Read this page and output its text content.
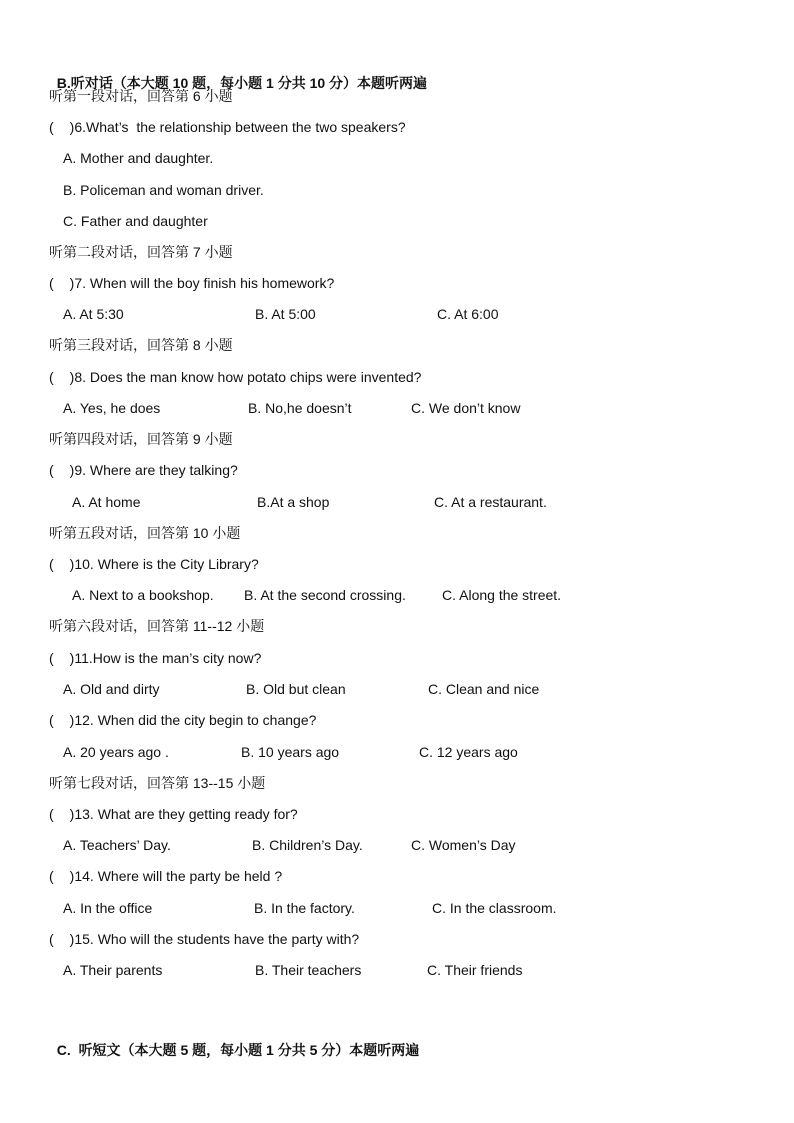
B.听对话（本大题 10 题，每小题 1 分共 10 分）本题听两遍

听第一段对话，回答第 6 小题
( )6.What’s  the relationship between the two speakers?
A. Mother and daughter.
B. Policeman and woman driver.
C. Father and daughter
听第二段对话，回答第 7 小题
( )7. When will the boy finish his homework?
A. At 5:30	B. At 5:00	C. At 6:00
听第三段对话，回答第 8 小题
( )8. Does the man know how potato chips were invented?
A. Yes, he does	B. No,he doesn’t	C. We don’t know
听第四段对话，回答第 9 小题
( )9. Where are they talking?
A. At home	B.At a shop	C. At a restaurant.
听第五段对话，回答第 10 小题
( )10. Where is the City Library?
A. Next to a bookshop. B. At the second crossing.	C. Along the street.
听第六段对话，回答第 11--12 小题
( )11.How is the man’s city now?
A. Old and dirty	B. Old but clean	C. Clean and nice
( )12. When did the city begin to change?
A. 20 years ago .	B. 10 years ago	C. 12 years ago
听第七段对话，回答第 13--15 小题
( )13. What are they getting ready for?
A. Teachers’ Day.	B. Children’s Day.	C. Women’s Day
( )14. Where will the party be held ?
A. In the office	B. In the factory.	C. In the classroom.
( )15. Who will the students have the party with?
A. Their parents	B. Their teachers	C. Their friends

C. 听短文（本大题 5 题，每小题 1 分共 5 分）本题听两遍
